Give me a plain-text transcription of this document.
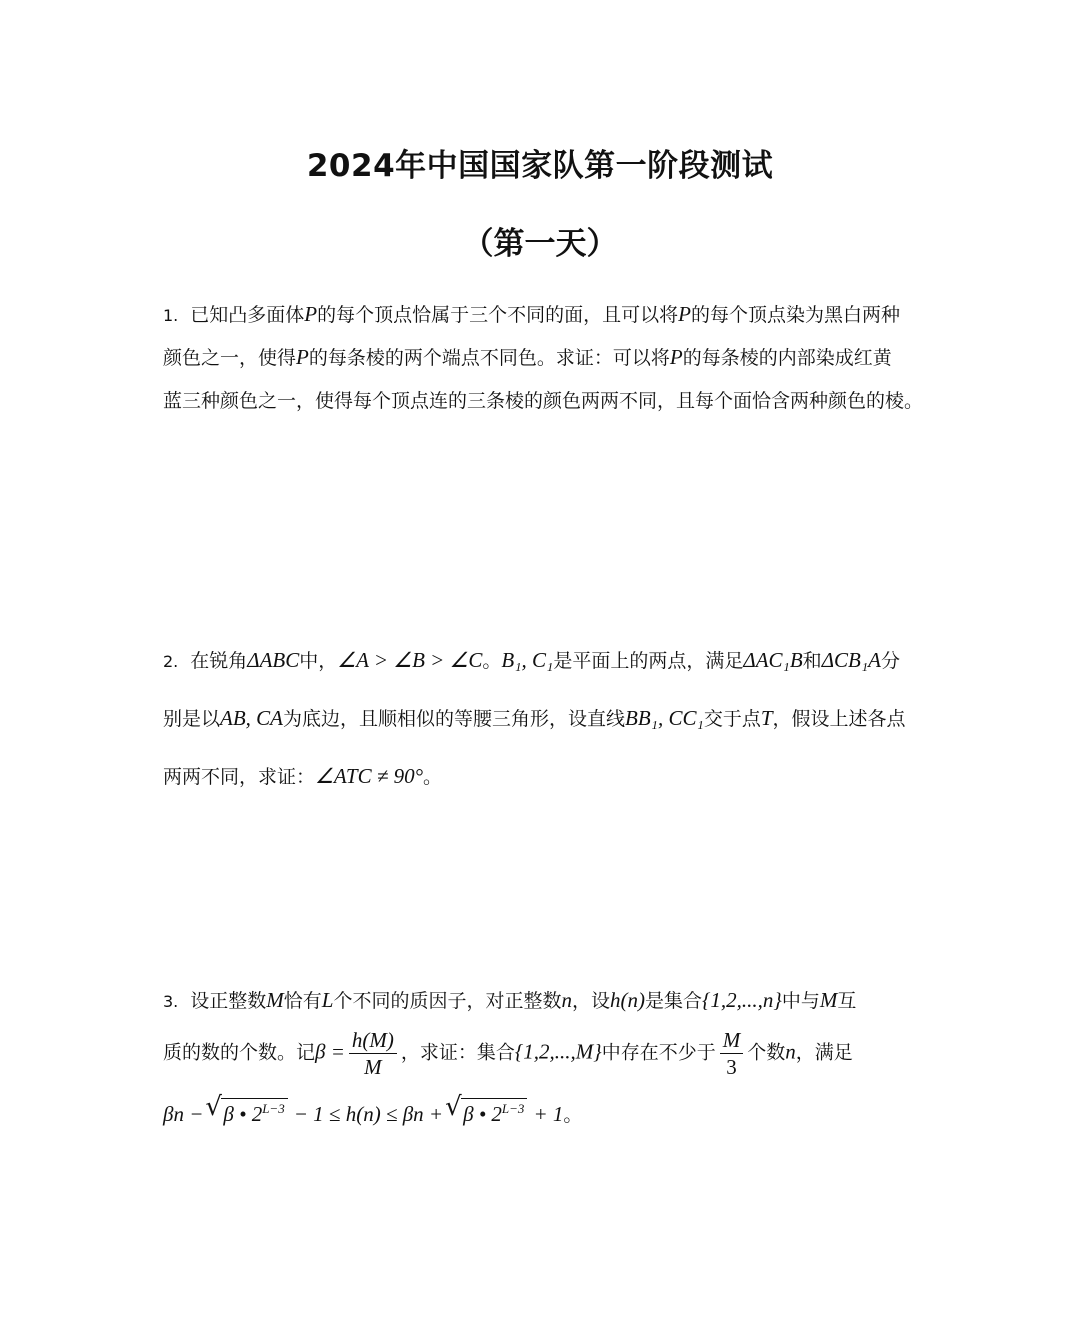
2024年中国国家队第一阶段测试
（第一天）
1. 已知凸多面体P的每个顶点恰属于三个不同的面，且可以将P的每个顶点染为黑白两种
颜色之一，使得P的每条棱的两个端点不同色。求证：可以将P的每条棱的内部染成红黄
蓝三种颜色之一，使得每个顶点连的三条棱的颜色两两不同，且每个面恰含两种颜色的棱。
2. 在锐角ΔABC中，∠A > ∠B > ∠C。B₁, C₁是平面上的两点，满足ΔAC₁B和ΔCB₁A分
别是以AB, CA为底边，且顺相似的等腰三角形，设直线BB₁, CC₁交于点T，假设上述各点
两两不同，求证：∠ATC ≠ 90°。
3. 设正整数M恰有L个不同的质因子，对正整数n，设h(n)是集合{1,2,...,n}中与M互
质的数的个数。记$\beta = \frac{h(M)}{M}$ ，求证：集合{1,2,...,M}中存在不少于 $\frac{M}{3}$ 个数n，满足
βn − √ β • $2^{L-3} - 1 \le h(n) \le \beta n$ + √ β • $2^{L-3} + 1$。
